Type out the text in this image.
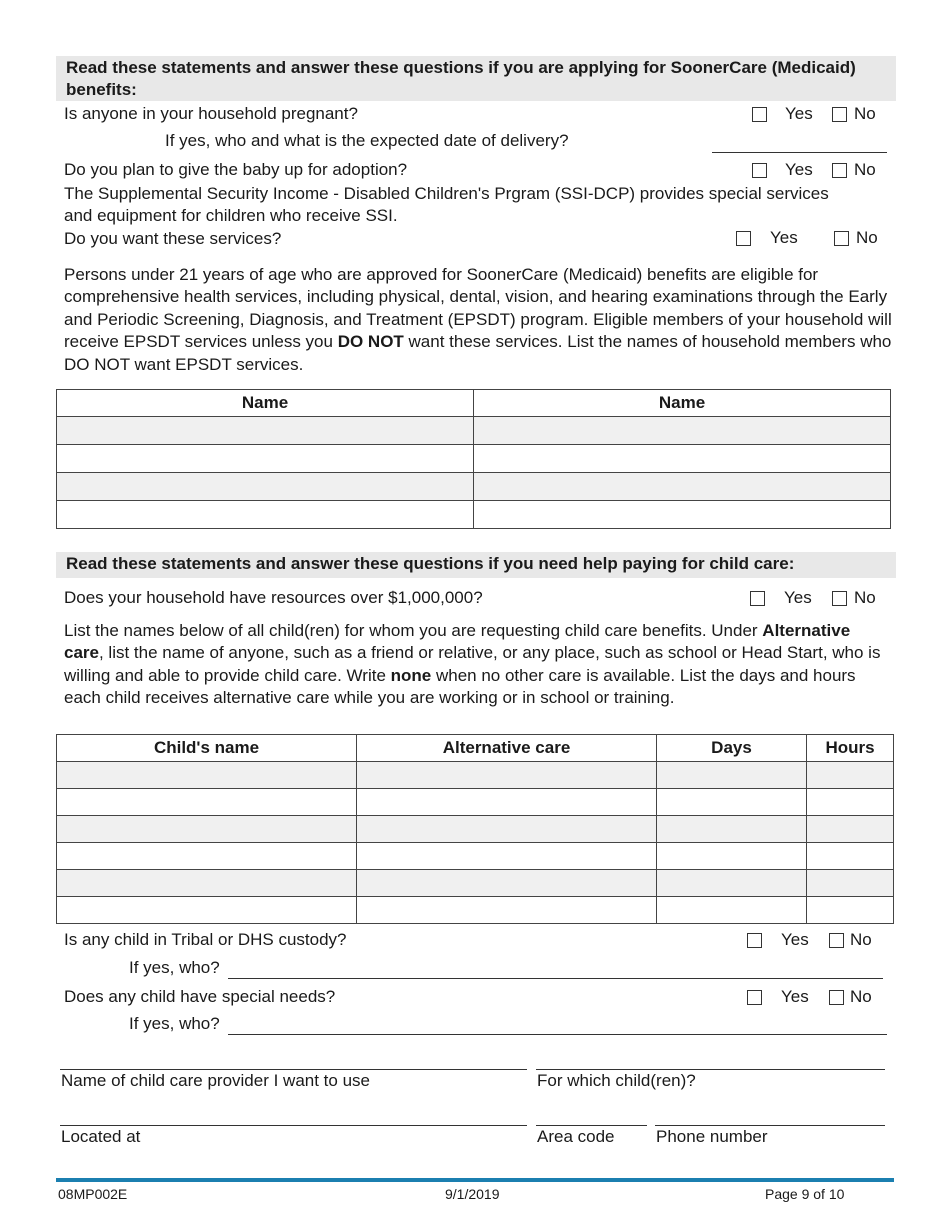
Read these statements and answer these questions if you are applying for SoonerCare (Medicaid) benefits:
Is anyone in your household pregnant?	Yes No
If yes, who and what is the expected date of delivery?
Do you plan to give the baby up for adoption?	Yes No
The Supplemental Security Income - Disabled Children's Prgram (SSI-DCP) provides special services and equipment for children who receive SSI.
Do you want these services?	Yes	No
Persons under 21 years of age who are approved for SoonerCare (Medicaid) benefits are eligible for comprehensive health services, including physical, dental, vision, and hearing examinations through the Early and Periodic Screening, Diagnosis, and Treatment (EPSDT) program. Eligible members of your household will receive EPSDT services unless you DO NOT want these services. List the names of household members who DO NOT want EPSDT services.
Name	Name

Read these statements and answer these questions if you need help paying for child care:
Does your household have resources over $1,000,000?	Yes No
List the names below of all child(ren) for whom you are requesting child care benefits. Under Alternative care, list the name of anyone, such as a friend or relative, or any place, such as school or Head Start, who is willing and able to provide child care. Write none when no other care is available. List the days and hours each child receives alternative care while you are working or in school or training.
Child's name	Alternative care	Days	Hours

Is any child in Tribal or DHS custody?	Yes No
If yes, who?
Does any child have special needs?	Yes No
If yes, who?
Name of child care provider I want to use	For which child(ren)?
Located at	Area code Phone number
08MP002E	9/1/2019	Page 9 of 10
